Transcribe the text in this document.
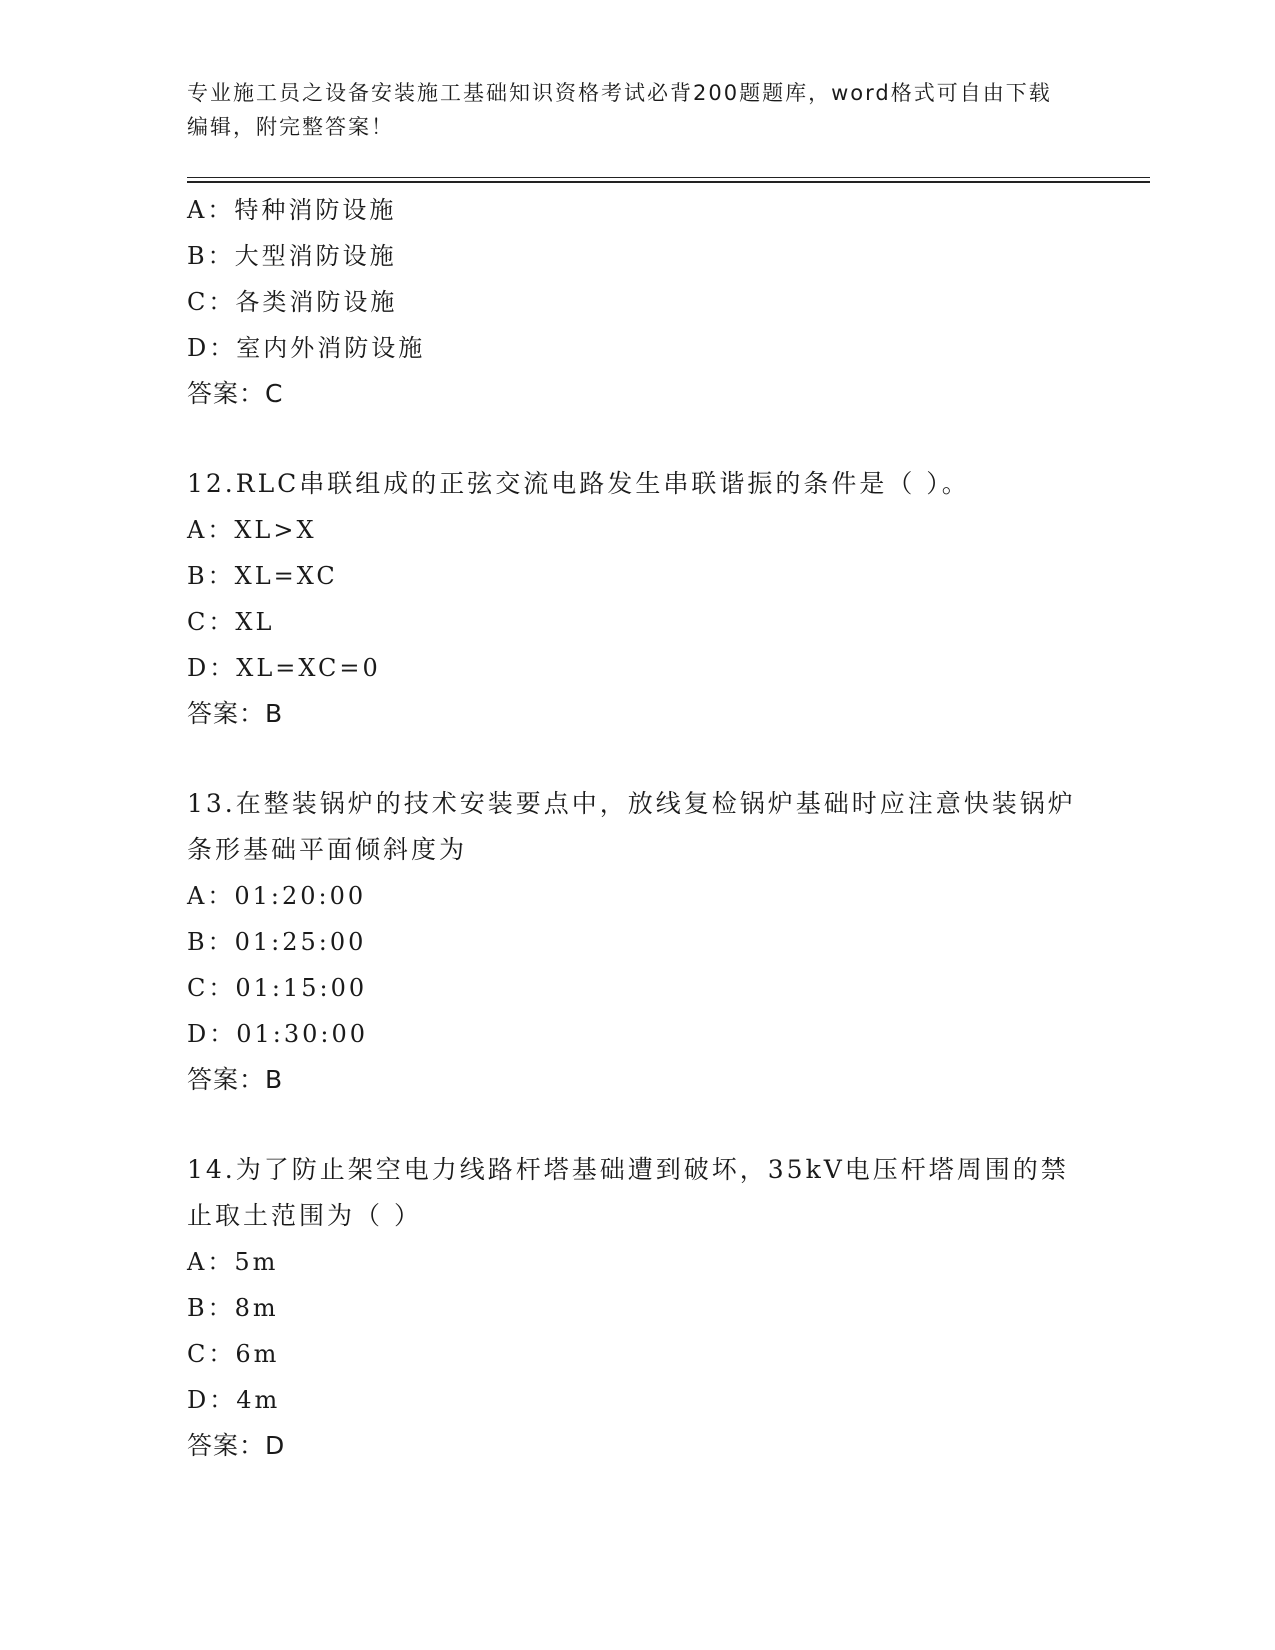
专业施工员之设备安装施工基础知识资格考试必背200题题库，word格式可自由下载编辑，附完整答案！
A：特种消防设施
B：大型消防设施
C：各类消防设施
D：室内外消防设施
答案：C
12.RLC串联组成的正弦交流电路发生串联谐振的条件是（ ）。
A：XL>X
B：XL=XC
C：XL
D：XL=XC=0
答案：B
13.在整装锅炉的技术安装要点中，放线复检锅炉基础时应注意快装锅炉条形基础平面倾斜度为
A：01:20:00
B：01:25:00
C：01:15:00
D：01:30:00
答案：B
14.为了防止架空电力线路杆塔基础遭到破坏，35kV电压杆塔周围的禁止取土范围为（ ）
A：5m
B：8m
C：6m
D：4m
答案：D
